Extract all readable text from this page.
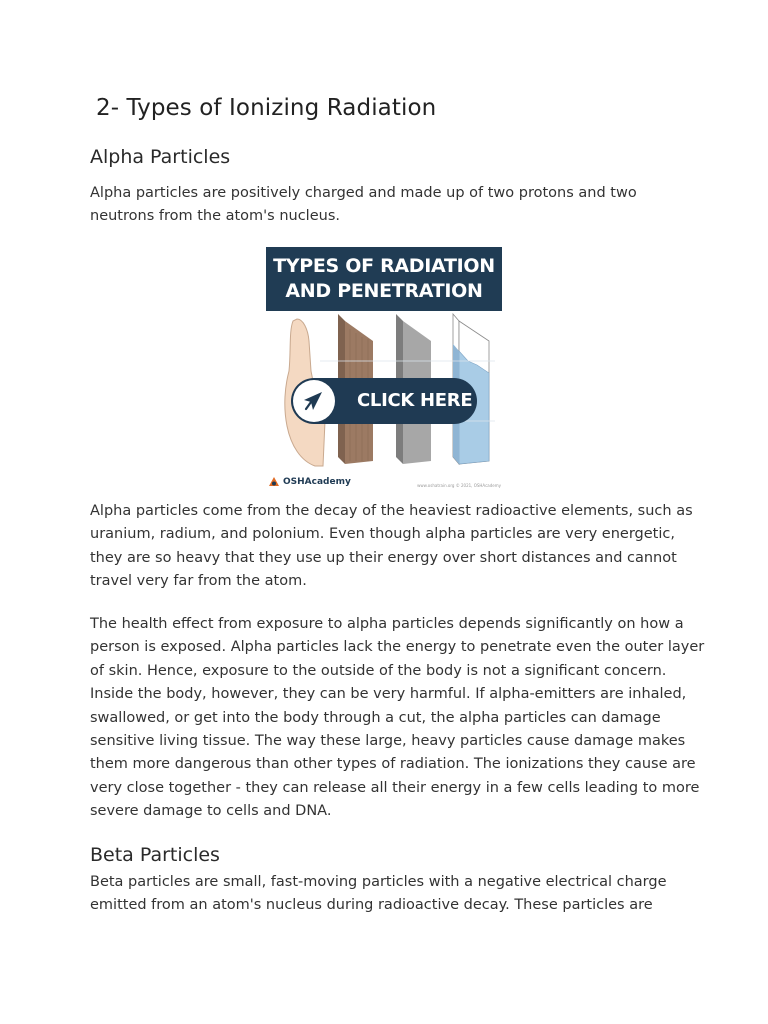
2- Types of Ionizing Radiation
Alpha Particles

Alpha particles are positively charged and made up of two protons and two
neutrons from the atom's nucleus.

TYPES OF RADIATION
AND PENETRATION
CLICK HERE
OSHAcademy	www.oshatrain.org © 2021, OSHAcademy

Alpha particles come from the decay of the heaviest radioactive elements, such as
uranium, radium, and polonium. Even though alpha particles are very energetic,
they are so heavy that they use up their energy over short distances and cannot
travel very far from the atom.

The health effect from exposure to alpha particles depends significantly on how a
person is exposed. Alpha particles lack the energy to penetrate even the outer layer
of skin. Hence, exposure to the outside of the body is not a significant concern.
Inside the body, however, they can be very harmful. If alpha-emitters are inhaled,
swallowed, or get into the body through a cut, the alpha particles can damage
sensitive living tissue. The way these large, heavy particles cause damage makes
them more dangerous than other types of radiation. The ionizations they cause are
very close together - they can release all their energy in a few cells leading to more
severe damage to cells and DNA.

Beta Particles

Beta particles are small, fast-moving particles with a negative electrical charge
emitted from an atom's nucleus during radioactive decay. These particles are
